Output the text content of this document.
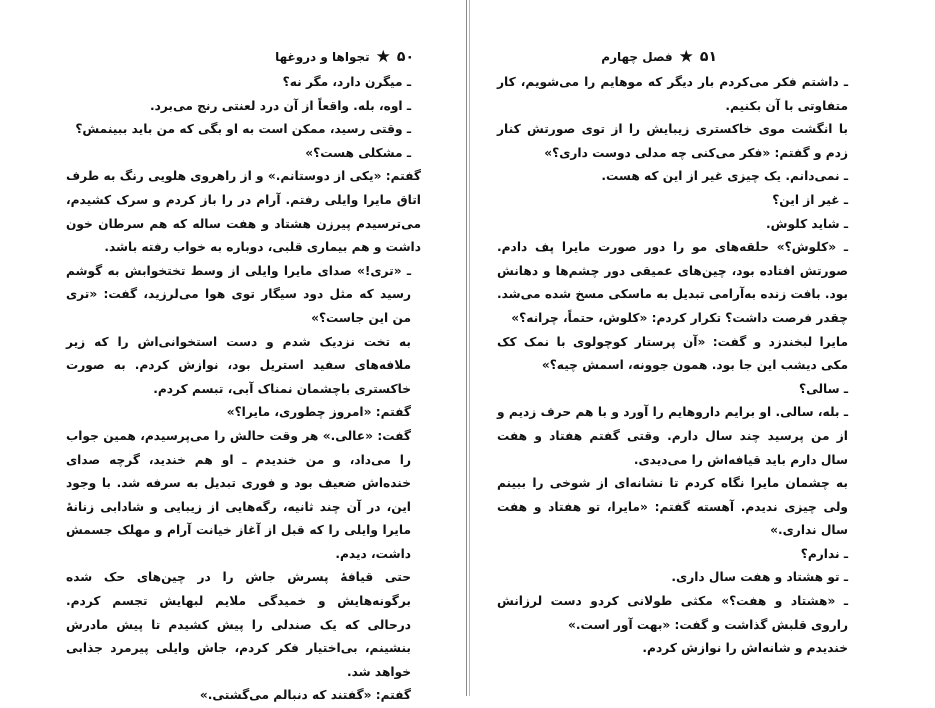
۵۰
★
تجواها و دروغها

ـ میگرن دارد، مگر نه؟

ـ اوه، بله. واقعاً از آن درد لعنتی رنج می‌برد.

ـ وقتی رسید، ممکن است به او بگی که من باید ببینمش؟

ـ مشکلی هست؟»

گفتم: «یکی از دوستانم.» و از راهروی هلویی رنگ به طرف اتاق مایرا وایلی رفتم. آرام در را باز کردم و سرک کشیدم، می‌ترسیدم پیرزن هشتاد و هفت ساله که هم سرطان خون داشت و هم بیماری قلبی، دوباره به خواب رفته باشد.

ـ «تری!» صدای مایرا وایلی از وسط تختخوابش به گوشم رسید که مثل دود سیگار توی هوا می‌لرزید، گفت: «تری من این جاست؟»

به تخت نزدیک شدم و دست استخوانی‌اش را که زیر ملافه‌های سفید استریل بود، نوازش کردم. به صورت خاکستری باچشمان نمناک آبی، تبسم کردم.

گفتم: «امروز چطوری، مایرا؟»

گفت: «عالی.» هر وقت حالش را می‌پرسیدم، همین جواب را می‌داد، و من خندیدم ـ او هم خندید، گرچه صدای خنده‌اش ضعیف بود و فوری تبدیل به سرفه شد. با وجود این، در آن چند ثانیه، رگه‌هایی از زیبایی و شادابی زنانهٔ مایرا وایلی را که قبل از آغاز خیانت آرام و مهلک جسمش داشت، دیدم.

حتی قیافهٔ پسرش جاش را در چین‌های حک شده برگونه‌هایش و خمیدگی ملایم لبهایش تجسم کردم. درحالی که یک صندلی را پیش کشیدم تا پیش مادرش بنشینم، بی‌اختیار فکر کردم، جاش وایلی پیرمرد جذابی خواهد شد.

گفتم: «گفتند که دنبالم می‌گشتی.»

۵۱
★
فصل چهارم

ـ داشتم فکر می‌کردم بار دیگر که موهایم را می‌شویم، کار متفاوتی با آن بکنیم.

با انگشت موی خاکستری زیبایش را از توی صورتش کنار زدم و گفتم: «فکر می‌کنی چه مدلی دوست داری؟»

ـ نمی‌دانم. یک چیزی غیر از این که هست.

ـ غیر از این؟

ـ شاید کلوش.

ـ «کلوش؟» حلقه‌های مو را دور صورت مایرا پف دادم. صورتش افتاده بود، چین‌های عمیقی دور چشم‌ها و دهانش بود. بافت زنده به‌آرامی تبدیل به ماسکی مسخ شده می‌شد. چقدر فرصت داشت؟ تکرار کردم: «کلوش، حتماً، چرانه؟»

مایرا لبخندزد و گفت: «آن پرستار کوچولوی با نمک کک مکی دیشب این جا بود. همون جوونه، اسمش چیه؟»

ـ سالی؟

ـ بله، سالی. او برایم داروهایم را آورد و با هم حرف زدیم و از من پرسید چند سال دارم. وقتی گفتم هفتاد و هفت سال دارم باید قیافه‌اش را می‌دیدی.

به چشمان مایرا نگاه کردم تا نشانه‌ای از شوخی را ببینم ولی چیزی ندیدم. آهسته گفتم: «مایرا، تو هفتاد و هفت سال نداری.»

ـ ندارم؟

ـ تو هشتاد و هفت سال داری.

ـ «هشتاد و هفت؟» مکثی طولانی کردو دست لرزانش راروی قلبش گذاشت و گفت: «بهت آور است.»

خندیدم و شانه‌اش را نوازش کردم.
